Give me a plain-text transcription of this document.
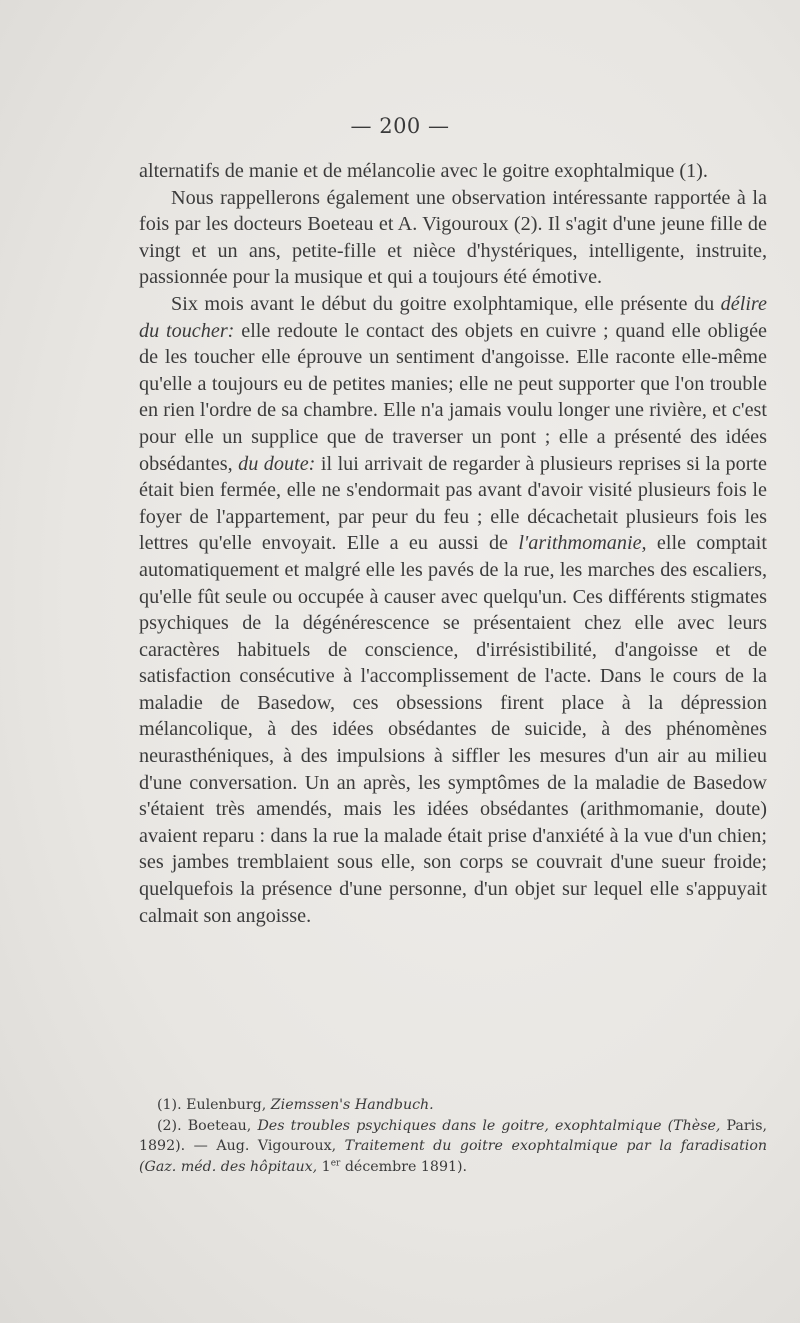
— 200 —

alternatifs de manie et de mélancolie avec le goitre exophtalmique (1).

Nous rappellerons également une observation intéressante rapportée à la fois par les docteurs Boeteau et A. Vigouroux (2). Il s'agit d'une jeune fille de vingt et un ans, petite-fille et nièce d'hystériques, intelligente, instruite, passionnée pour la musique et qui a toujours été émotive.

Six mois avant le début du goitre exolphtamique, elle présente du délire du toucher: elle redoute le contact des objets en cuivre ; quand elle obligée de les toucher elle éprouve un sentiment d'angoisse. Elle raconte elle-même qu'elle a toujours eu de petites manies; elle ne peut supporter que l'on trouble en rien l'ordre de sa chambre. Elle n'a jamais voulu longer une rivière, et c'est pour elle un supplice que de traverser un pont ; elle a présenté des idées obsédantes, du doute: il lui arrivait de regarder à plusieurs reprises si la porte était bien fermée, elle ne s'endormait pas avant d'avoir visité plusieurs fois le foyer de l'appartement, par peur du feu ; elle décachetait plusieurs fois les lettres qu'elle envoyait. Elle a eu aussi de l'arithmomanie, elle comptait automatiquement et malgré elle les pavés de la rue, les marches des escaliers, qu'elle fût seule ou occupée à causer avec quelqu'un. Ces différents stigmates psychiques de la dégénérescence se présentaient chez elle avec leurs caractères habituels de conscience, d'irrésistibilité, d'angoisse et de satisfaction consécutive à l'accomplissement de l'acte. Dans le cours de la maladie de Basedow, ces obsessions firent place à la dépression mélancolique, à des idées obsédantes de suicide, à des phénomènes neurasthéniques, à des impulsions à siffler les mesures d'un air au milieu d'une conversation. Un an après, les symptômes de la maladie de Basedow s'étaient très amendés, mais les idées obsédantes (arithmomanie, doute) avaient reparu : dans la rue la malade était prise d'anxiété à la vue d'un chien; ses jambes tremblaient sous elle, son corps se couvrait d'une sueur froide; quelquefois la présence d'une personne, d'un objet sur lequel elle s'appuyait calmait son angoisse.

(1). Eulenburg, Ziemssen's Handbuch.

(2). Boeteau, Des troubles psychiques dans le goitre, exophtalmique (Thèse, Paris, 1892). — Aug. Vigouroux, Traitement du goitre exophtalmique par la faradisation (Gaz. méd. des hôpitaux, 1er décembre 1891).
